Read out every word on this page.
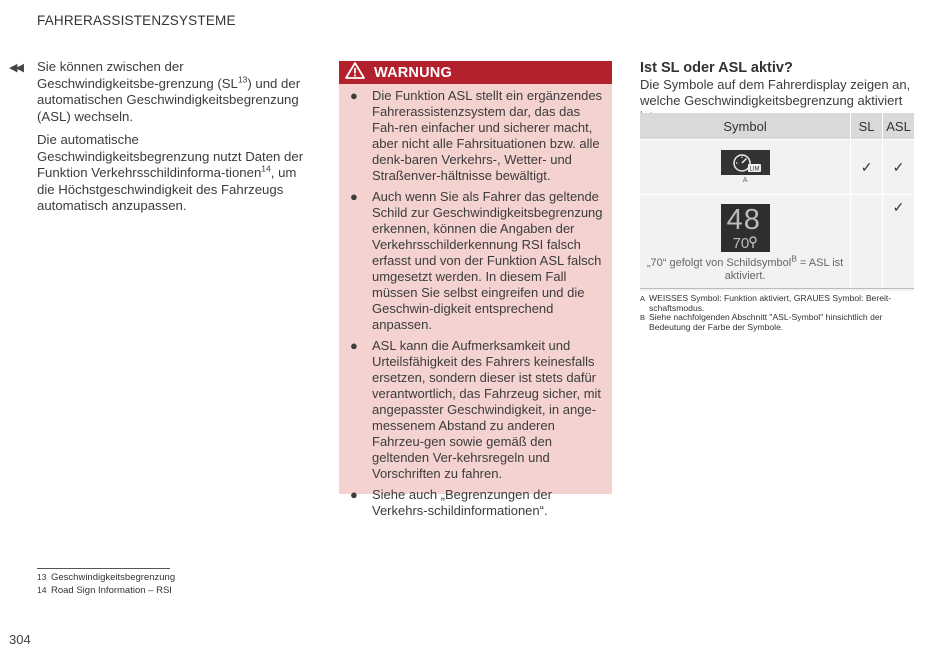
FAHRERASSISTENZSYSTEME
◀◀ Sie können zwischen der Geschwindigkeitsbe-grenzung (SL$^{13}$) und der automatischen Geschwindigkeitsbegrenzung (ASL) wechseln.

Die automatische Geschwindigkeitsbegrenzung nutzt Daten der Funktion Verkehrsschildinforma-tionen$^{14}$, um die Höchstgeschwindigkeit des Fahrzeugs automatisch anzupassen.

WARNUNG
● Die Funktion ASL stellt ein ergänzendes Fahrerassistenzsystem dar, das das Fah-ren einfacher und sicherer macht, aber nicht alle Fahrsituationen bzw. alle denk-baren Verkehrs-, Wetter- und Straßenver-hältnisse bewältigt.
● Auch wenn Sie als Fahrer das geltende Schild zur Geschwindigkeitsbegrenzung erkennen, können die Angaben der Verkehrsschilderkennung RSI falsch erfasst und von der Funktion ASL falsch umgesetzt werden. In diesem Fall müssen Sie selbst eingreifen und die Geschwin-digkeit entsprechend anpassen.
● ASL kann die Aufmerksamkeit und Urteilsfähigkeit des Fahrers keinesfalls ersetzen, sondern dieser ist stets dafür verantwortlich, das Fahrzeug sicher, mit angepasster Geschwindigkeit, in ange-messenem Abstand zu anderen Fahrzeu-gen sowie gemäß den geltenden Ver-kehrsregeln und Vorschriften zu fahren.
● Siehe auch „Begrenzungen der Verkehrs-schildinformationen“.
Ist SL oder ASL aktiv?
Die Symbole auf dem Fahrerdisplay zeigen an, welche Geschwindigkeitsbegrenzung aktiviert
Symbol	SL	ASL

LIM
A	✓	✓

48
70
„70“ gefolgt von Schildsymbol$^B$ = ASL ist aktiviert.		✓
A WEISSES Symbol: Funktion aktiviert, GRAUES Symbol: Bereit-schaftsmodus.
B Siehe nachfolgenden Abschnitt "ASL-Symbol" hinsichtlich der Bedeutung der Farbe der Symbole.
13 Geschwindigkeitsbegrenzung
14 Road Sign Information – RSI
304
